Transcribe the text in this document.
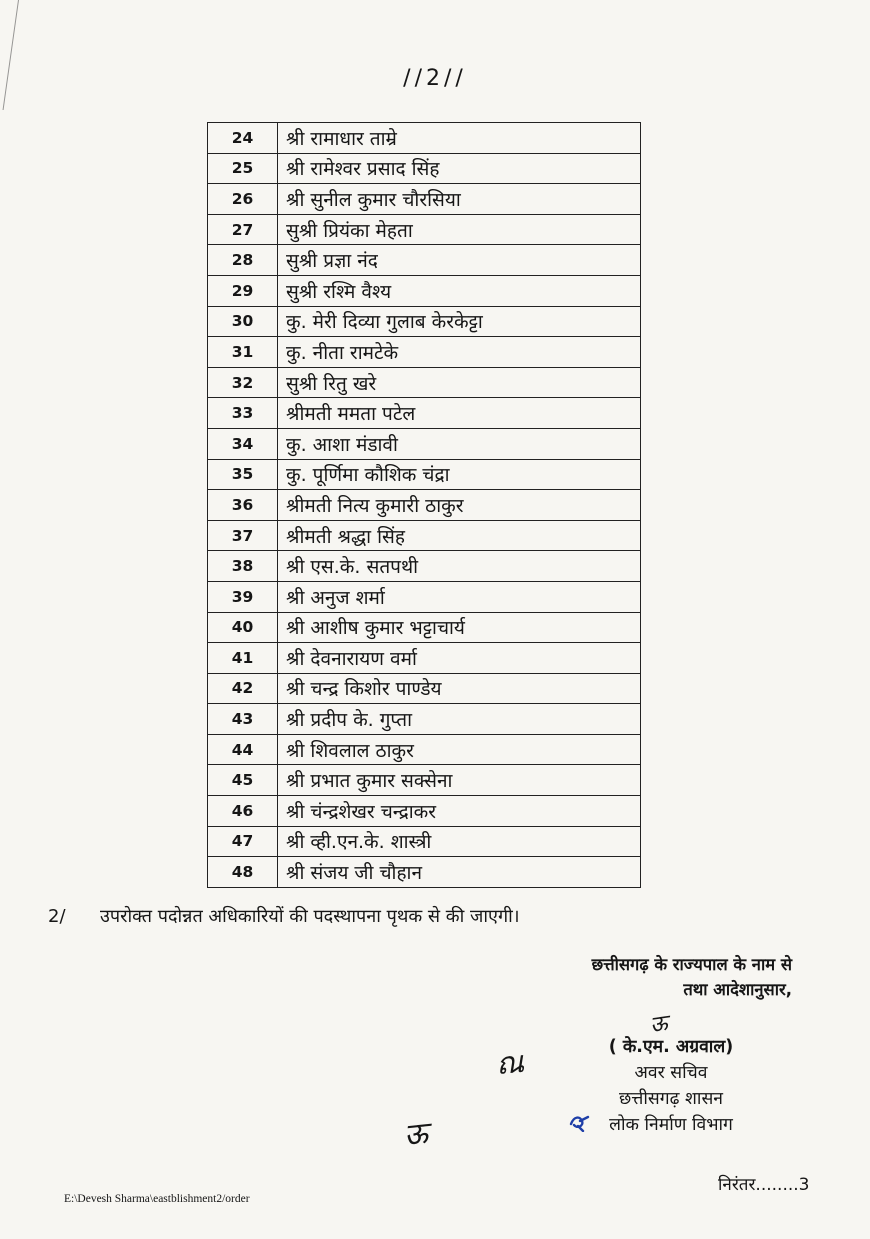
//2//
24	श्री रामाधार ताम्रे
25	श्री रामेश्वर प्रसाद सिंह
26	श्री सुनील कुमार चौरसिया
27	सुश्री प्रियंका मेहता
28	सुश्री प्रज्ञा नंद
29	सुश्री रश्मि वैश्य
30	कु. मेरी दिव्या गुलाब केरकेट्टा
31	कु. नीता रामटेके
32	सुश्री रितु खरे
33	श्रीमती ममता पटेल
34	कु. आशा मंडावी
35	कु. पूर्णिमा कौशिक चंद्रा
36	श्रीमती नित्य कुमारी ठाकुर
37	श्रीमती श्रद्धा सिंह
38	श्री एस.के. सतपथी
39	श्री अनुज शर्मा
40	श्री आशीष कुमार भट्टाचार्य
41	श्री देवनारायण वर्मा
42	श्री चन्द्र किशोर पाण्डेय
43	श्री प्रदीप के. गुप्ता
44	श्री शिवलाल ठाकुर
45	श्री प्रभात कुमार सक्सेना
46	श्री चंन्द्रशेखर चन्द्राकर
47	श्री व्ही.एन.के. शास्त्री
48	श्री संजय जी चौहान
2/ उपरोक्त पदोन्नत अधिकारियों की पदस्थापना पृथक से की जाएगी।
छत्तीसगढ़ के राज्यपाल के नाम से
तथा आदेशानुसार,
ऊ
ณ	( के.एम. अग्रवाल)
अवर सचिव
छत्तीसगढ़ शासन
लोक निर्माण विभाग
ऊ
निरंतर........3
E:\Devesh Sharma\eastblishment2/order
